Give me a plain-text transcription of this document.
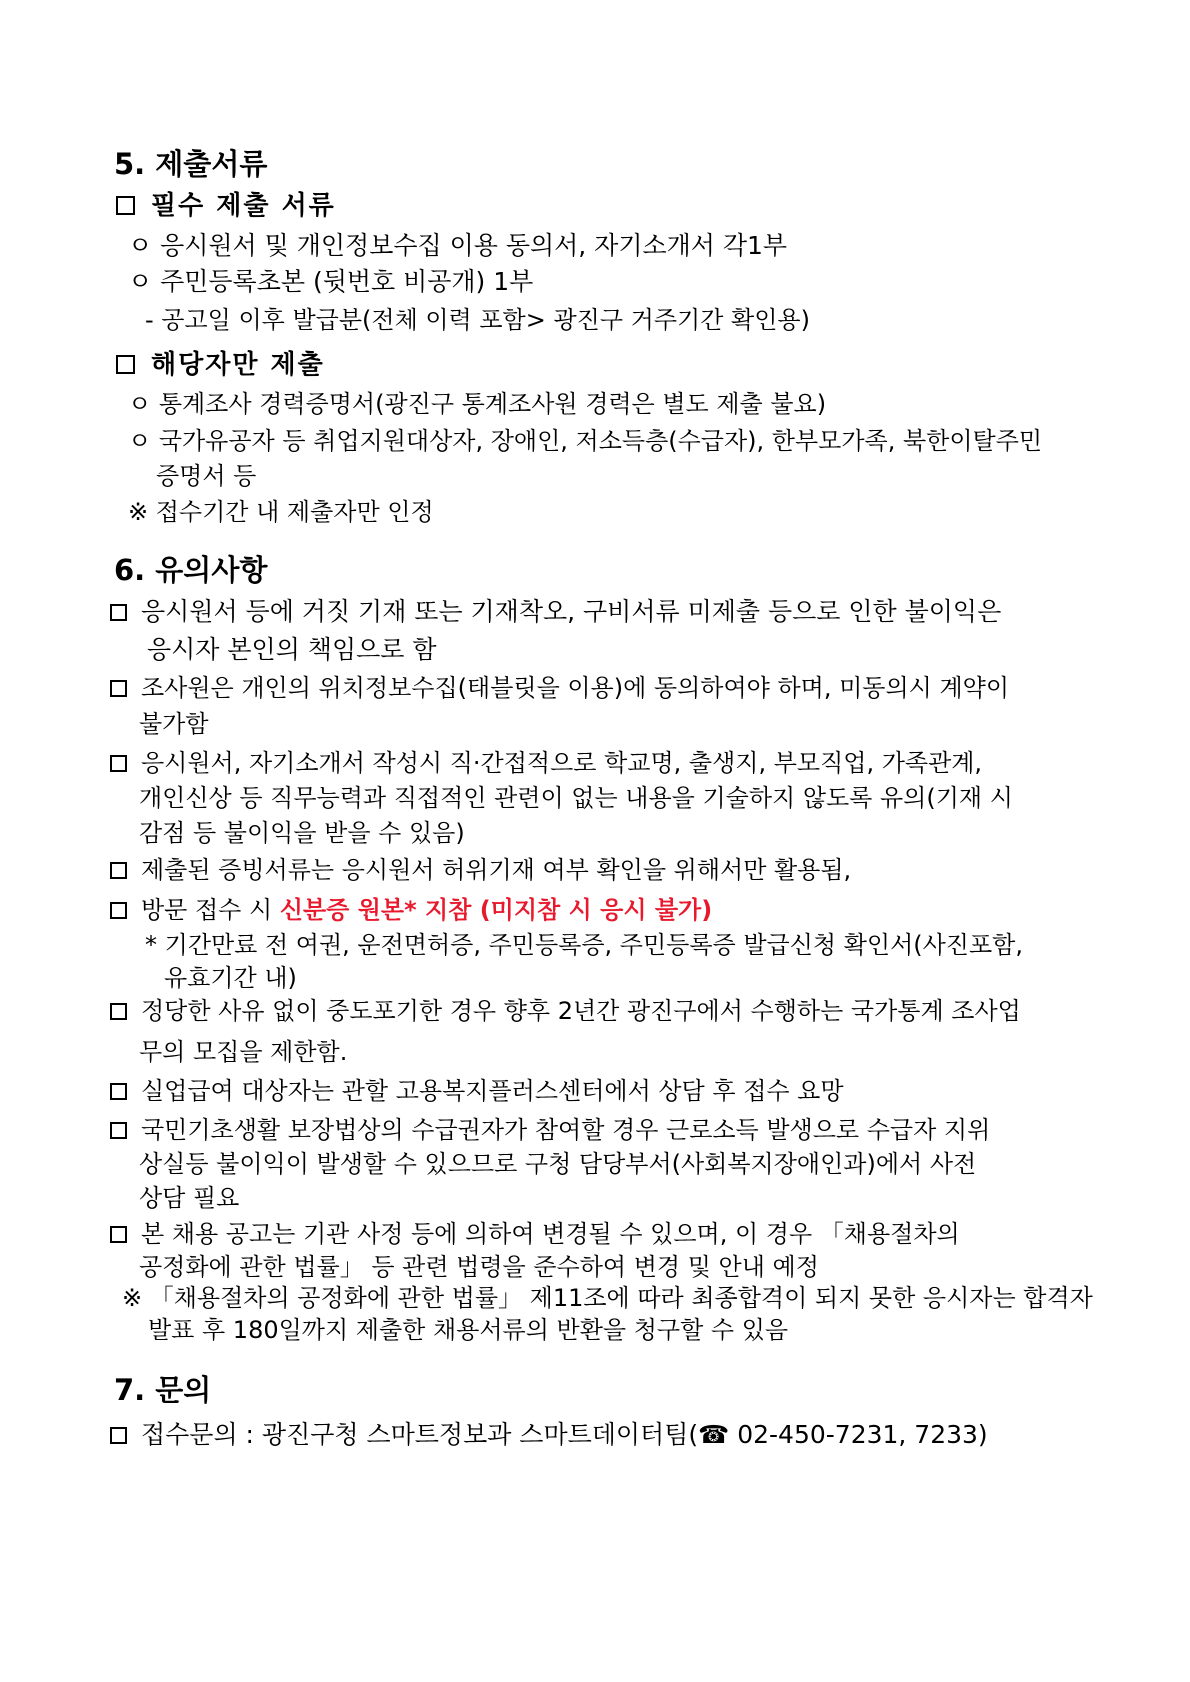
5. 제출서류
필수 제출 서류
ㅇ 응시원서 및 개인정보수집 이용 동의서, 자기소개서 각1부
ㅇ 주민등록초본 (뒷번호 비공개) 1부
- 공고일 이후 발급분(전체 이력 포함> 광진구 거주기간 확인용)
해당자만 제출
ㅇ 통계조사 경력증명서(광진구 통계조사원 경력은 별도 제출 불요)
ㅇ 국가유공자 등 취업지원대상자, 장애인, 저소득층(수급자), 한부모가족, 북한이탈주민
증명서 등
※ 접수기간 내 제출자만 인정
6. 유의사항
응시원서 등에 거짓 기재 또는 기재착오, 구비서류 미제출 등으로 인한 불이익은
응시자 본인의 책임으로 함
조사원은 개인의 위치정보수집(태블릿을 이용)에 동의하여야 하며, 미동의시 계약이
불가함
응시원서, 자기소개서 작성시 직·간접적으로 학교명, 출생지, 부모직업, 가족관계,
개인신상 등 직무능력과 직접적인 관련이 없는 내용을 기술하지 않도록 유의(기재 시
감점 등 불이익을 받을 수 있음)
제출된 증빙서류는 응시원서 허위기재 여부 확인을 위해서만 활용됨,
방문 접수 시 신분증 원본* 지참 (미지참 시 응시 불가)
* 기간만료 전 여권, 운전면허증, 주민등록증, 주민등록증 발급신청 확인서(사진포함,
유효기간 내)
정당한 사유 없이 중도포기한 경우 향후 2년간 광진구에서 수행하는 국가통계 조사업
무의 모집을 제한함.
실업급여 대상자는 관할 고용복지플러스센터에서 상담 후 접수 요망
국민기초생활 보장법상의 수급권자가 참여할 경우 근로소득 발생으로 수급자 지위
상실등 불이익이 발생할 수 있으므로 구청 담당부서(사회복지장애인과)에서 사전
상담 필요
본 채용 공고는 기관 사정 등에 의하여 변경될 수 있으며, 이 경우 「채용절차의
공정화에 관한 법률」 등 관련 법령을 준수하여 변경 및 안내 예정
※ 「채용절차의 공정화에 관한 법률」 제11조에 따라 최종합격이 되지 못한 응시자는 합격자
발표 후 180일까지 제출한 채용서류의 반환을 청구할 수 있음
7. 문의
접수문의 : 광진구청 스마트정보과 스마트데이터팀(☎ 02-450-7231, 7233)
